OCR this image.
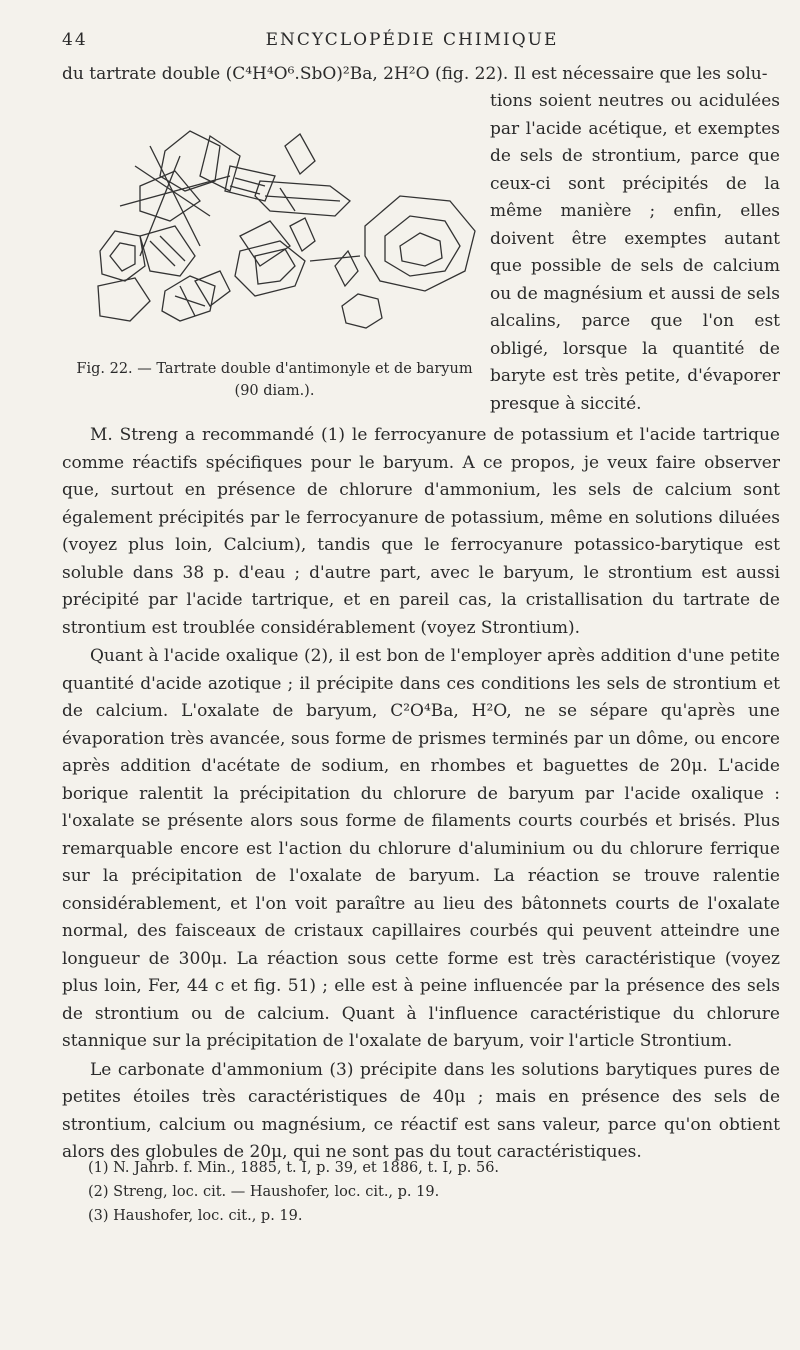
44	ENCYCLOPÉDIE CHIMIQUE
du tartrate double (C⁴H⁴O⁶.SbO)²Ba, 2H²O (fig. 22). Il est nécessaire que les solu-
Fig. 22. — Tartrate double d'antimonyle et de baryum
(90 diam.).
tions soient neutres ou acidulées par l'acide acétique, et exemptes de sels de strontium, parce que ceux-ci sont précipités de la même manière ; enfin, elles doivent être exemptes autant que possible de sels de calcium ou de magnésium et aussi de sels alcalins, parce que l'on est obligé, lorsque la quantité de baryte est très petite, d'évaporer presque à siccité.

M. Streng a recommandé (1) le ferrocyanure de potassium et l'acide tartrique comme réactifs spécifiques pour le baryum. A ce propos, je veux faire observer que, surtout en présence de chlorure d'ammonium, les sels de calcium sont également précipités par le ferrocyanure de potassium, même en solutions diluées (voyez plus loin, Calcium), tandis que le ferrocyanure potassico-barytique est soluble dans 38 p. d'eau ; d'autre part, avec le baryum, le strontium est aussi précipité par l'acide tartrique, et en pareil cas, la cristallisation du tartrate de strontium est troublée considérablement (voyez Strontium).

Quant à l'acide oxalique (2), il est bon de l'employer après addition d'une petite quantité d'acide azotique ; il précipite dans ces conditions les sels de strontium et de calcium. L'oxalate de baryum, C²O⁴Ba, H²O, ne se sépare qu'après une évaporation très avancée, sous forme de prismes terminés par un dôme, ou encore après addition d'acétate de sodium, en rhombes et baguettes de 20μ. L'acide borique ralentit la précipitation du chlorure de baryum par l'acide oxalique : l'oxalate se présente alors sous forme de filaments courts courbés et brisés. Plus remarquable encore est l'action du chlorure d'aluminium ou du chlorure ferrique sur la précipitation de l'oxalate de baryum. La réaction se trouve ralentie considérablement, et l'on voit paraître au lieu des bâtonnets courts de l'oxalate normal, des faisceaux de cristaux capillaires courbés qui peuvent atteindre une longueur de 300μ. La réaction sous cette forme est très caractéristique (voyez plus loin, Fer, 44 c et fig. 51) ; elle est à peine influencée par la présence des sels de strontium ou de calcium. Quant à l'influence caractéristique du chlorure stannique sur la précipitation de l'oxalate de baryum, voir l'article Strontium.

Le carbonate d'ammonium (3) précipite dans les solutions barytiques pures de petites étoiles très caractéristiques de 40μ ; mais en présence des sels de strontium, calcium ou magnésium, ce réactif est sans valeur, parce qu'on obtient alors des globules de 20μ, qui ne sont pas du tout caractéristiques.

(1) N. Jahrb. f. Min., 1885, t. I, p. 39, et 1886, t. I, p. 56.
(2) Streng, loc. cit. — Haushofer, loc. cit., p. 19.
(3) Haushofer, loc. cit., p. 19.
